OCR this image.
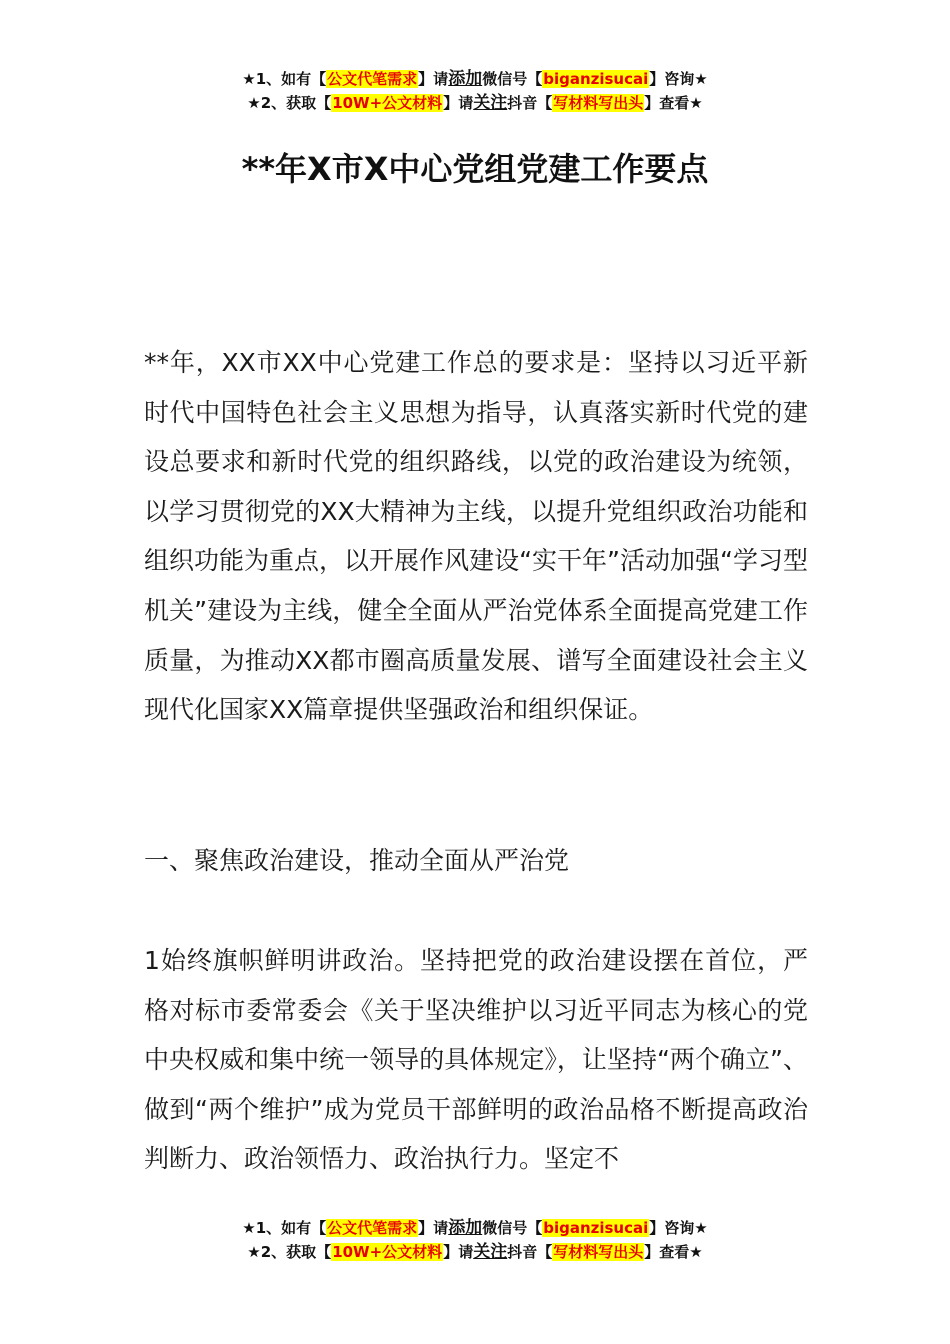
★1、如有【公文代笔需求】请添加微信号【biganzisucai】咨询★
★2、获取【10W+公文材料】请关注抖音【写材料写出头】查看★
**年X市X中心党组党建工作要点

**年，XX市XX中心党建工作总的要求是：坚持以习近平新时代中国特色社会主义思想为指导，认真落实新时代党的建设总要求和新时代党的组织路线，以党的政治建设为统领，以学习贯彻党的XX大精神为主线，以提升党组织政治功能和组织功能为重点，以开展作风建设“实干年”活动加强“学习型机关”建设为主线，健全全面从严治党体系全面提高党建工作质量，为推动XX都市圈高质量发展、谱写全面建设社会主义现代化国家XX篇章提供坚强政治和组织保证。

一、聚焦政治建设，推动全面从严治党

1始终旗帜鲜明讲政治。坚持把党的政治建设摆在首位，严格对标市委常委会《关于坚决维护以习近平同志为核心的党中央权威和集中统一领导的具体规定》，让坚持“两个确立”、做到“两个维护”成为党员干部鲜明的政治品格不断提高政治判断力、政治领悟力、政治执行力。坚定不

★1、如有【公文代笔需求】请添加微信号【biganzisucai】咨询★
★2、获取【10W+公文材料】请关注抖音【写材料写出头】查看★
